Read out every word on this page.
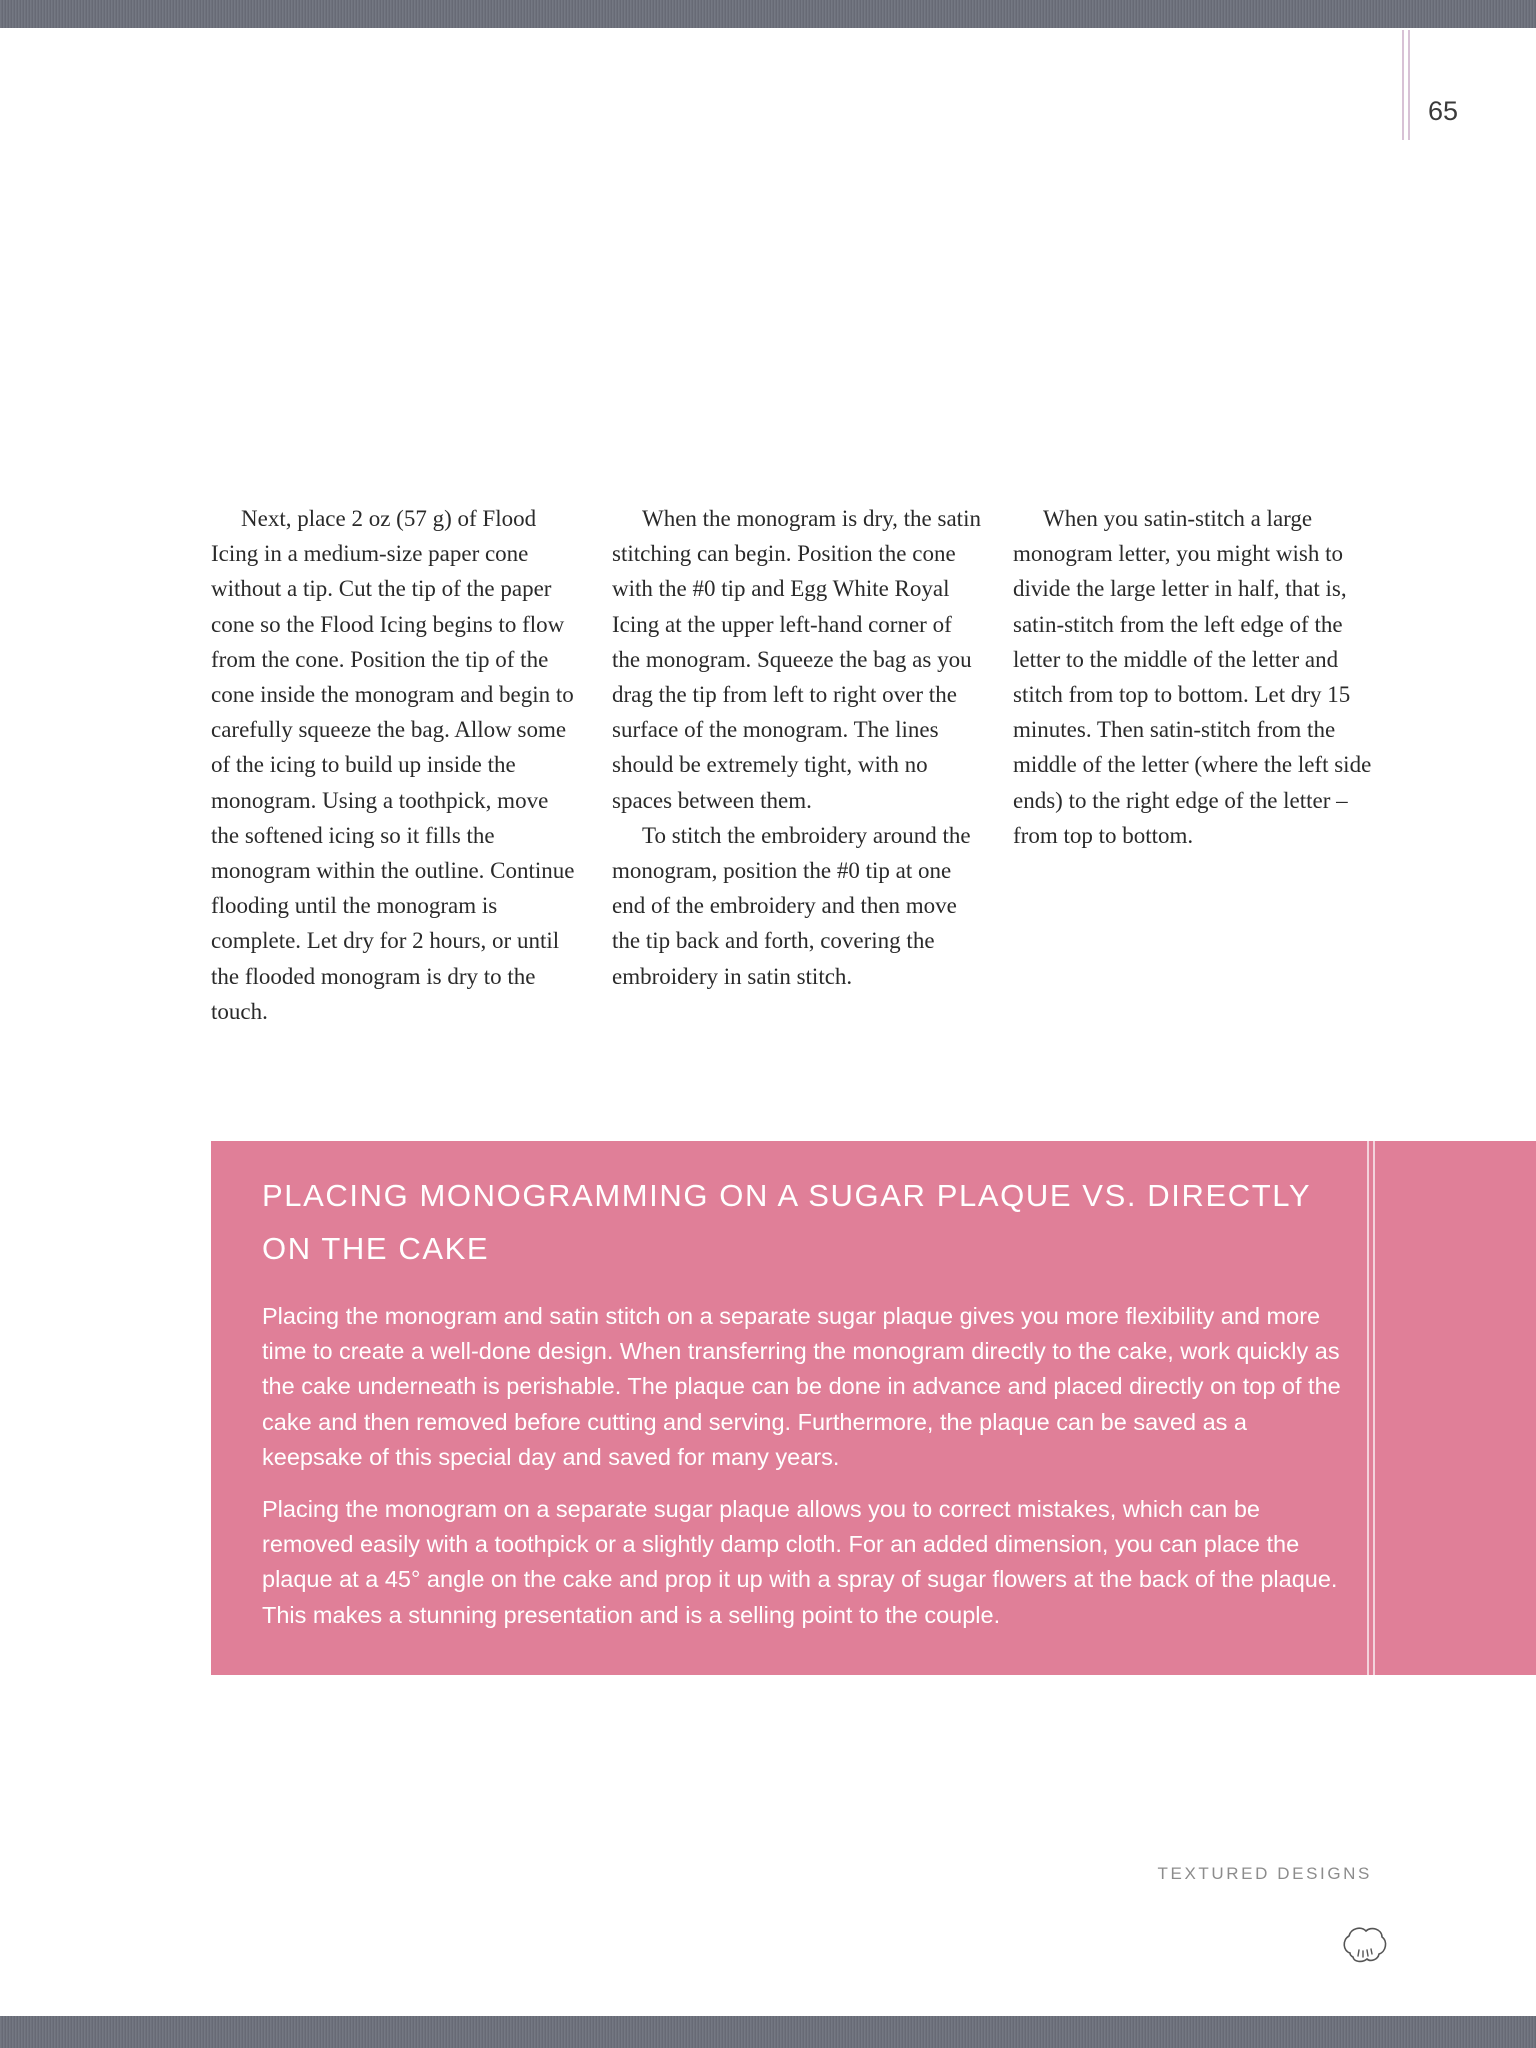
65

Next, place 2 oz (57 g) of Flood Icing in a medium-size paper cone without a tip. Cut the tip of the paper cone so the Flood Icing begins to flow from the cone. Position the tip of the cone inside the monogram and begin to carefully squeeze the bag. Allow some of the icing to build up inside the monogram. Using a toothpick, move the softened icing so it fills the monogram within the outline. Continue flooding until the monogram is complete. Let dry for 2 hours, or until the flooded monogram is dry to the touch.

When the monogram is dry, the satin stitching can begin. Position the cone with the #0 tip and Egg White Royal Icing at the upper left-hand corner of the monogram. Squeeze the bag as you drag the tip from left to right over the surface of the monogram. The lines should be extremely tight, with no spaces between them.

To stitch the embroidery around the monogram, position the #0 tip at one end of the embroidery and then move the tip back and forth, covering the embroidery in satin stitch.

When you satin-stitch a large monogram letter, you might wish to divide the large letter in half, that is, satin-stitch from the left edge of the letter to the middle of the letter and stitch from top to bottom. Let dry 15 minutes. Then satin-stitch from the middle of the letter (where the left side ends) to the right edge of the letter – from top to bottom.

PLACING MONOGRAMMING ON A SUGAR PLAQUE VS. DIRECTLY ON THE CAKE

Placing the monogram and satin stitch on a separate sugar plaque gives you more flexibility and more time to create a well-done design. When transferring the monogram directly to the cake, work quickly as the cake underneath is perishable. The plaque can be done in advance and placed directly on top of the cake and then removed before cutting and serving. Furthermore, the plaque can be saved as a keepsake of this special day and saved for many years.

Placing the monogram on a separate sugar plaque allows you to correct mistakes, which can be removed easily with a toothpick or a slightly damp cloth. For an added dimension, you can place the plaque at a 45° angle on the cake and prop it up with a spray of sugar flowers at the back of the plaque. This makes a stunning presentation and is a selling point to the couple.

TEXTURED DESIGNS
